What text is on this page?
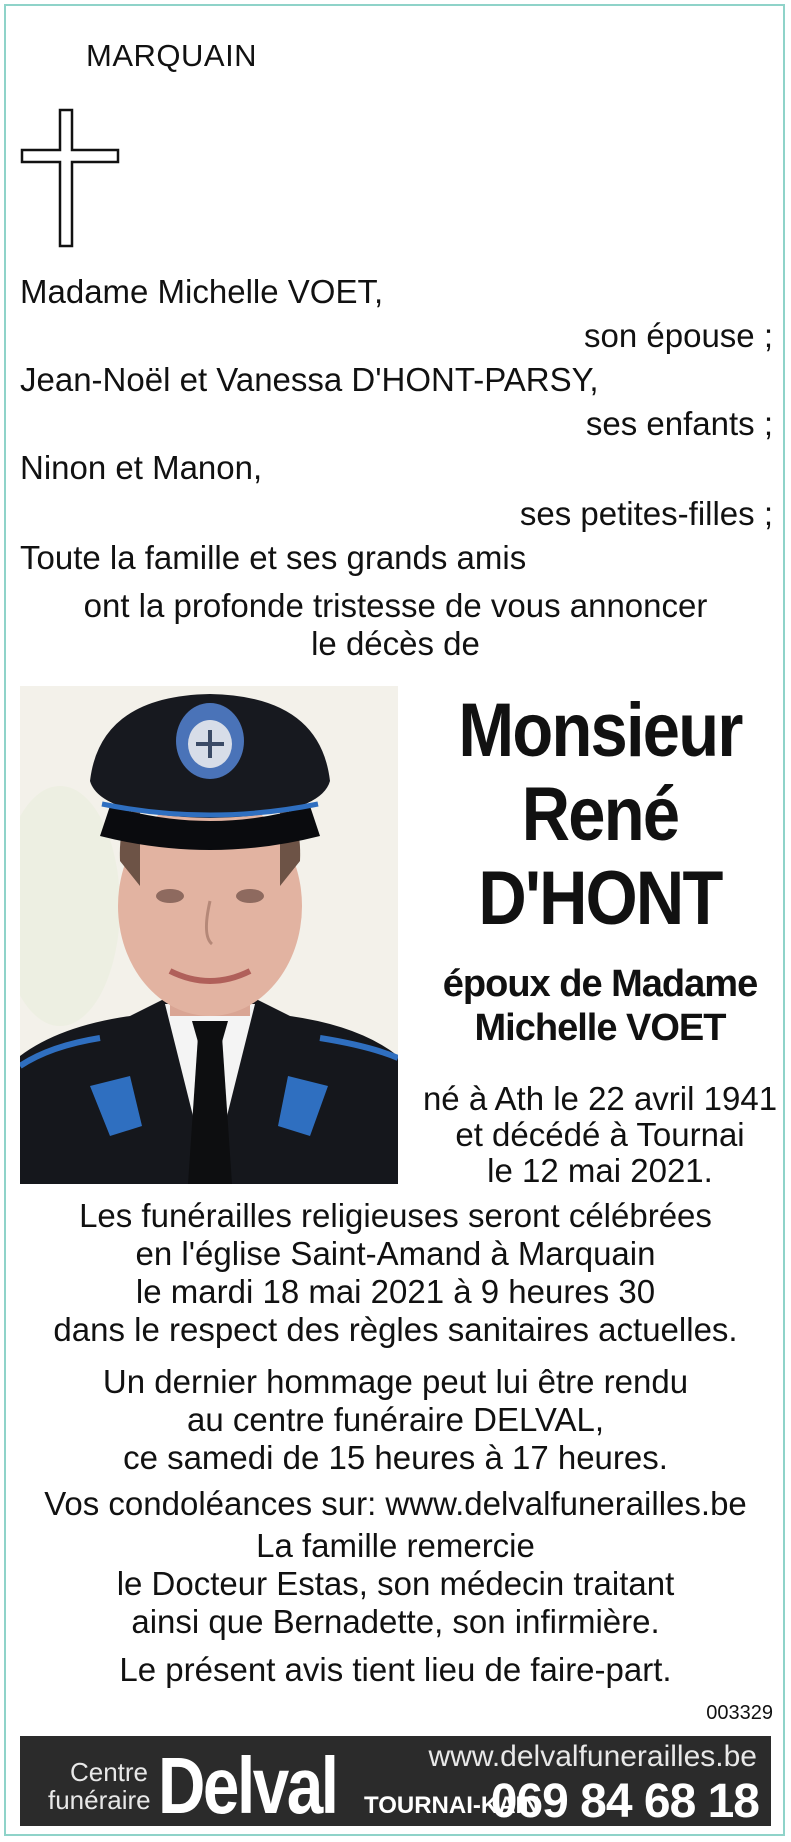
MARQUAIN
Madame Michelle VOET,
son épouse ;
Jean-Noël et Vanessa D'HONT-PARSY,
ses enfants ;
Ninon et Manon,
ses petites-filles ;
Toute la famille et ses grands amis
ont la profonde tristesse de vous annoncer
le décès de
Monsieur
René
D'HONT
époux de Madame
Michelle VOET
né à Ath le 22 avril 1941
et décédé à Tournai
le 12 mai 2021.
Les funérailles religieuses seront célébrées
en l'église Saint-Amand à Marquain
le mardi 18 mai 2021 à 9 heures 30
dans le respect des règles sanitaires actuelles.
Un dernier hommage peut lui être rendu
au centre funéraire DELVAL,
ce samedi de 15 heures à 17 heures.
Vos condoléances sur: www.delvalfunerailles.be
La famille remercie
le Docteur Estas, son médecin traitant
ainsi que Bernadette, son infirmière.
Le présent avis tient lieu de faire-part.
003329
Centre
funéraire Delval	www.delvalfunerailles.be
TOURNAI-KAIN
069 84 68 18
